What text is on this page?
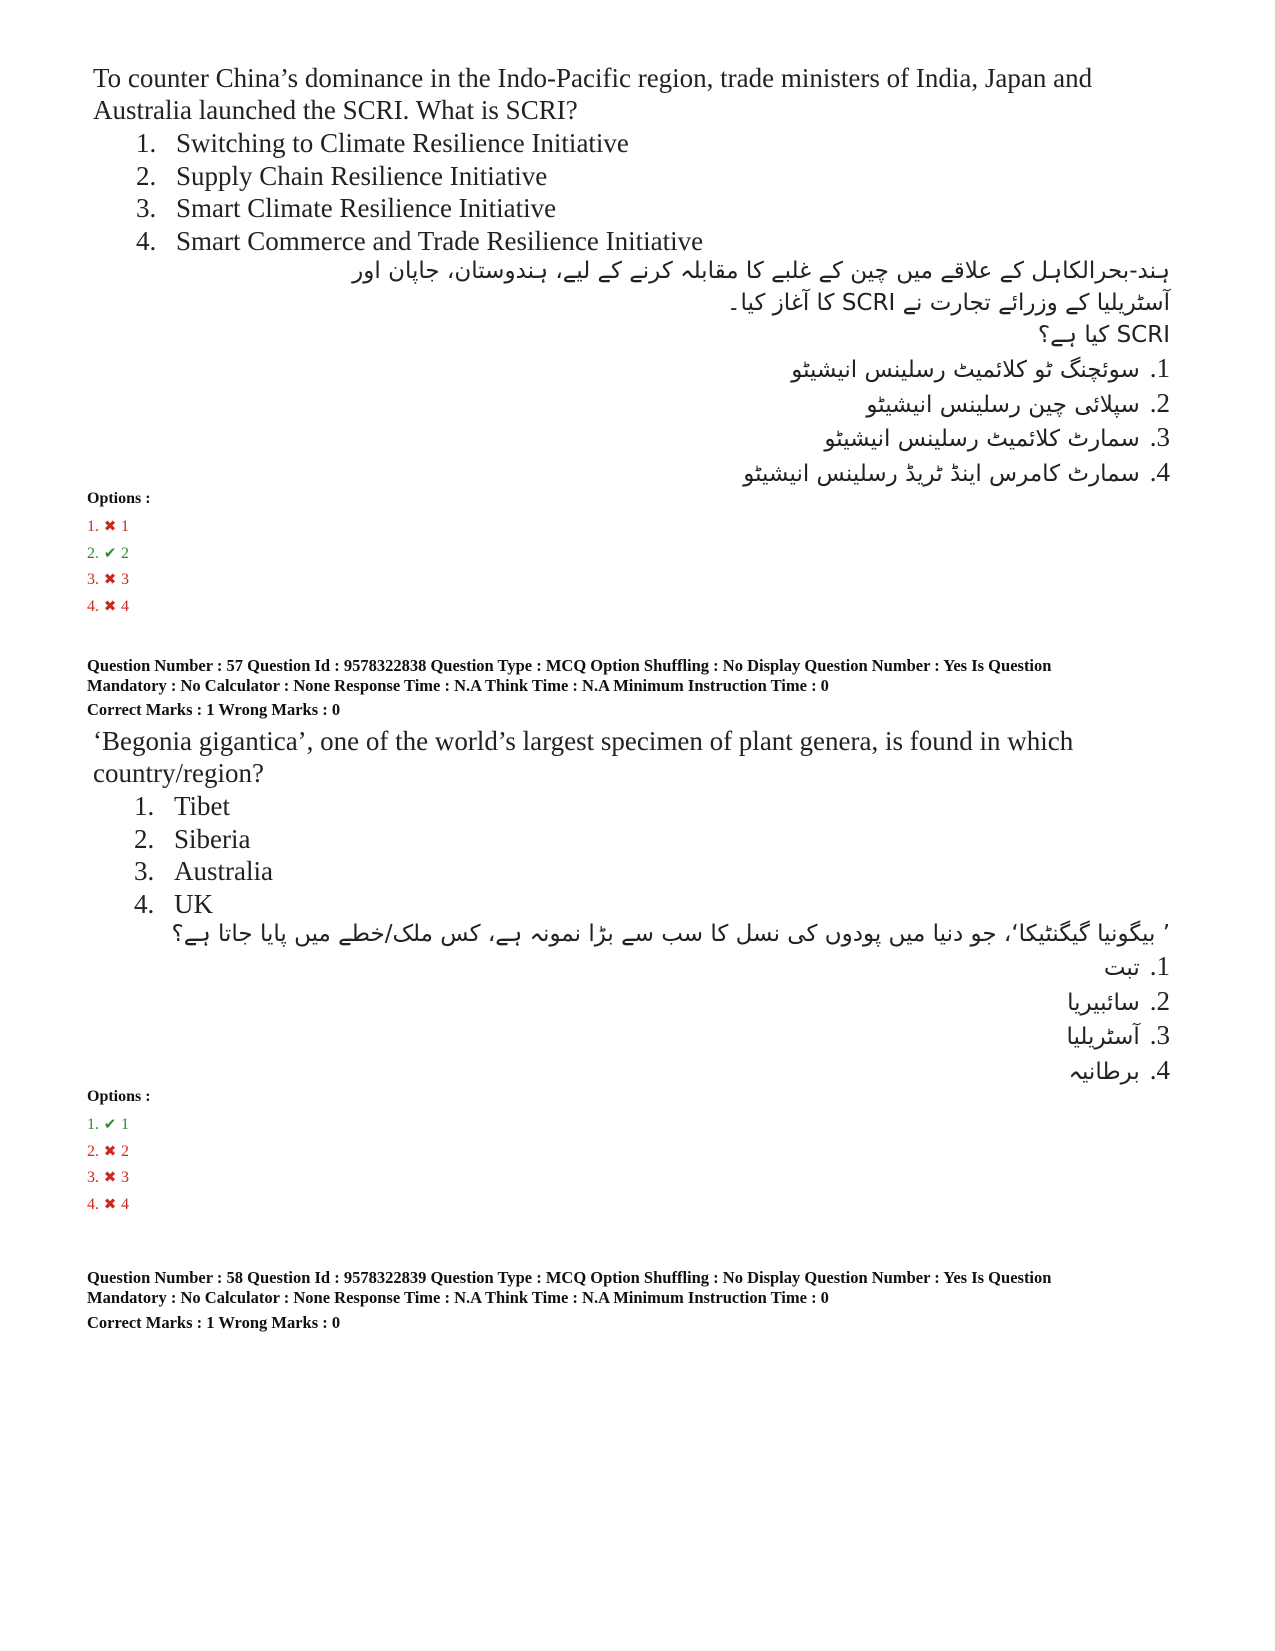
To counter China’s dominance in the Indo-Pacific region, trade ministers of India, Japan and Australia launched the SCRI. What is SCRI?
1. Switching to Climate Resilience Initiative
2. Supply Chain Resilience Initiative
3. Smart Climate Resilience Initiative
4. Smart Commerce and Trade Resilience Initiative
ہند-بحرالکاہل کے علاقے میں چین کے غلبے کا مقابلہ کرنے کے لیے، ہندوستان، جاپان اور
آسٹریلیا کے وزرائے تجارت نے SCRI کا آغاز کیا۔
SCRI کیا ہے؟
1.سوئچنگ ٹو کلائمیٹ رسلینس انیشیٹو
2.سپلائی چین رسلینس انیشیٹو
3.سمارٹ کلائمیٹ رسلینس انیشیٹو
4.سمارٹ کامرس اینڈ ٹریڈ رسلینس انیشیٹو
Options :
1. ✖ 1
2. ✔ 2
3. ✖ 3
4. ✖ 4
Question Number : 57 Question Id : 9578322838 Question Type : MCQ Option Shuffling : No Display Question Number : Yes Is Question
Mandatory : No Calculator : None Response Time : N.A Think Time : N.A Minimum Instruction Time : 0
Correct Marks : 1 Wrong Marks : 0
‘Begonia gigantica’, one of the world’s largest specimen of plant genera, is found in which country/region?
1. Tibet
2. Siberia
3. Australia
4. UK
’ بیگونیا گیگنٹیکا‘، جو دنیا میں پودوں کی نسل کا سب سے بڑا نمونہ ہے، کس ملک/خطے میں پایا جاتا ہے؟
1.تبت
2.سائبیریا
3.آسٹریلیا
4.برطانیہ
Options :
1. ✔ 1
2. ✖ 2
3. ✖ 3
4. ✖ 4
Question Number : 58 Question Id : 9578322839 Question Type : MCQ Option Shuffling : No Display Question Number : Yes Is Question
Mandatory : No Calculator : None Response Time : N.A Think Time : N.A Minimum Instruction Time : 0
Correct Marks : 1 Wrong Marks : 0
